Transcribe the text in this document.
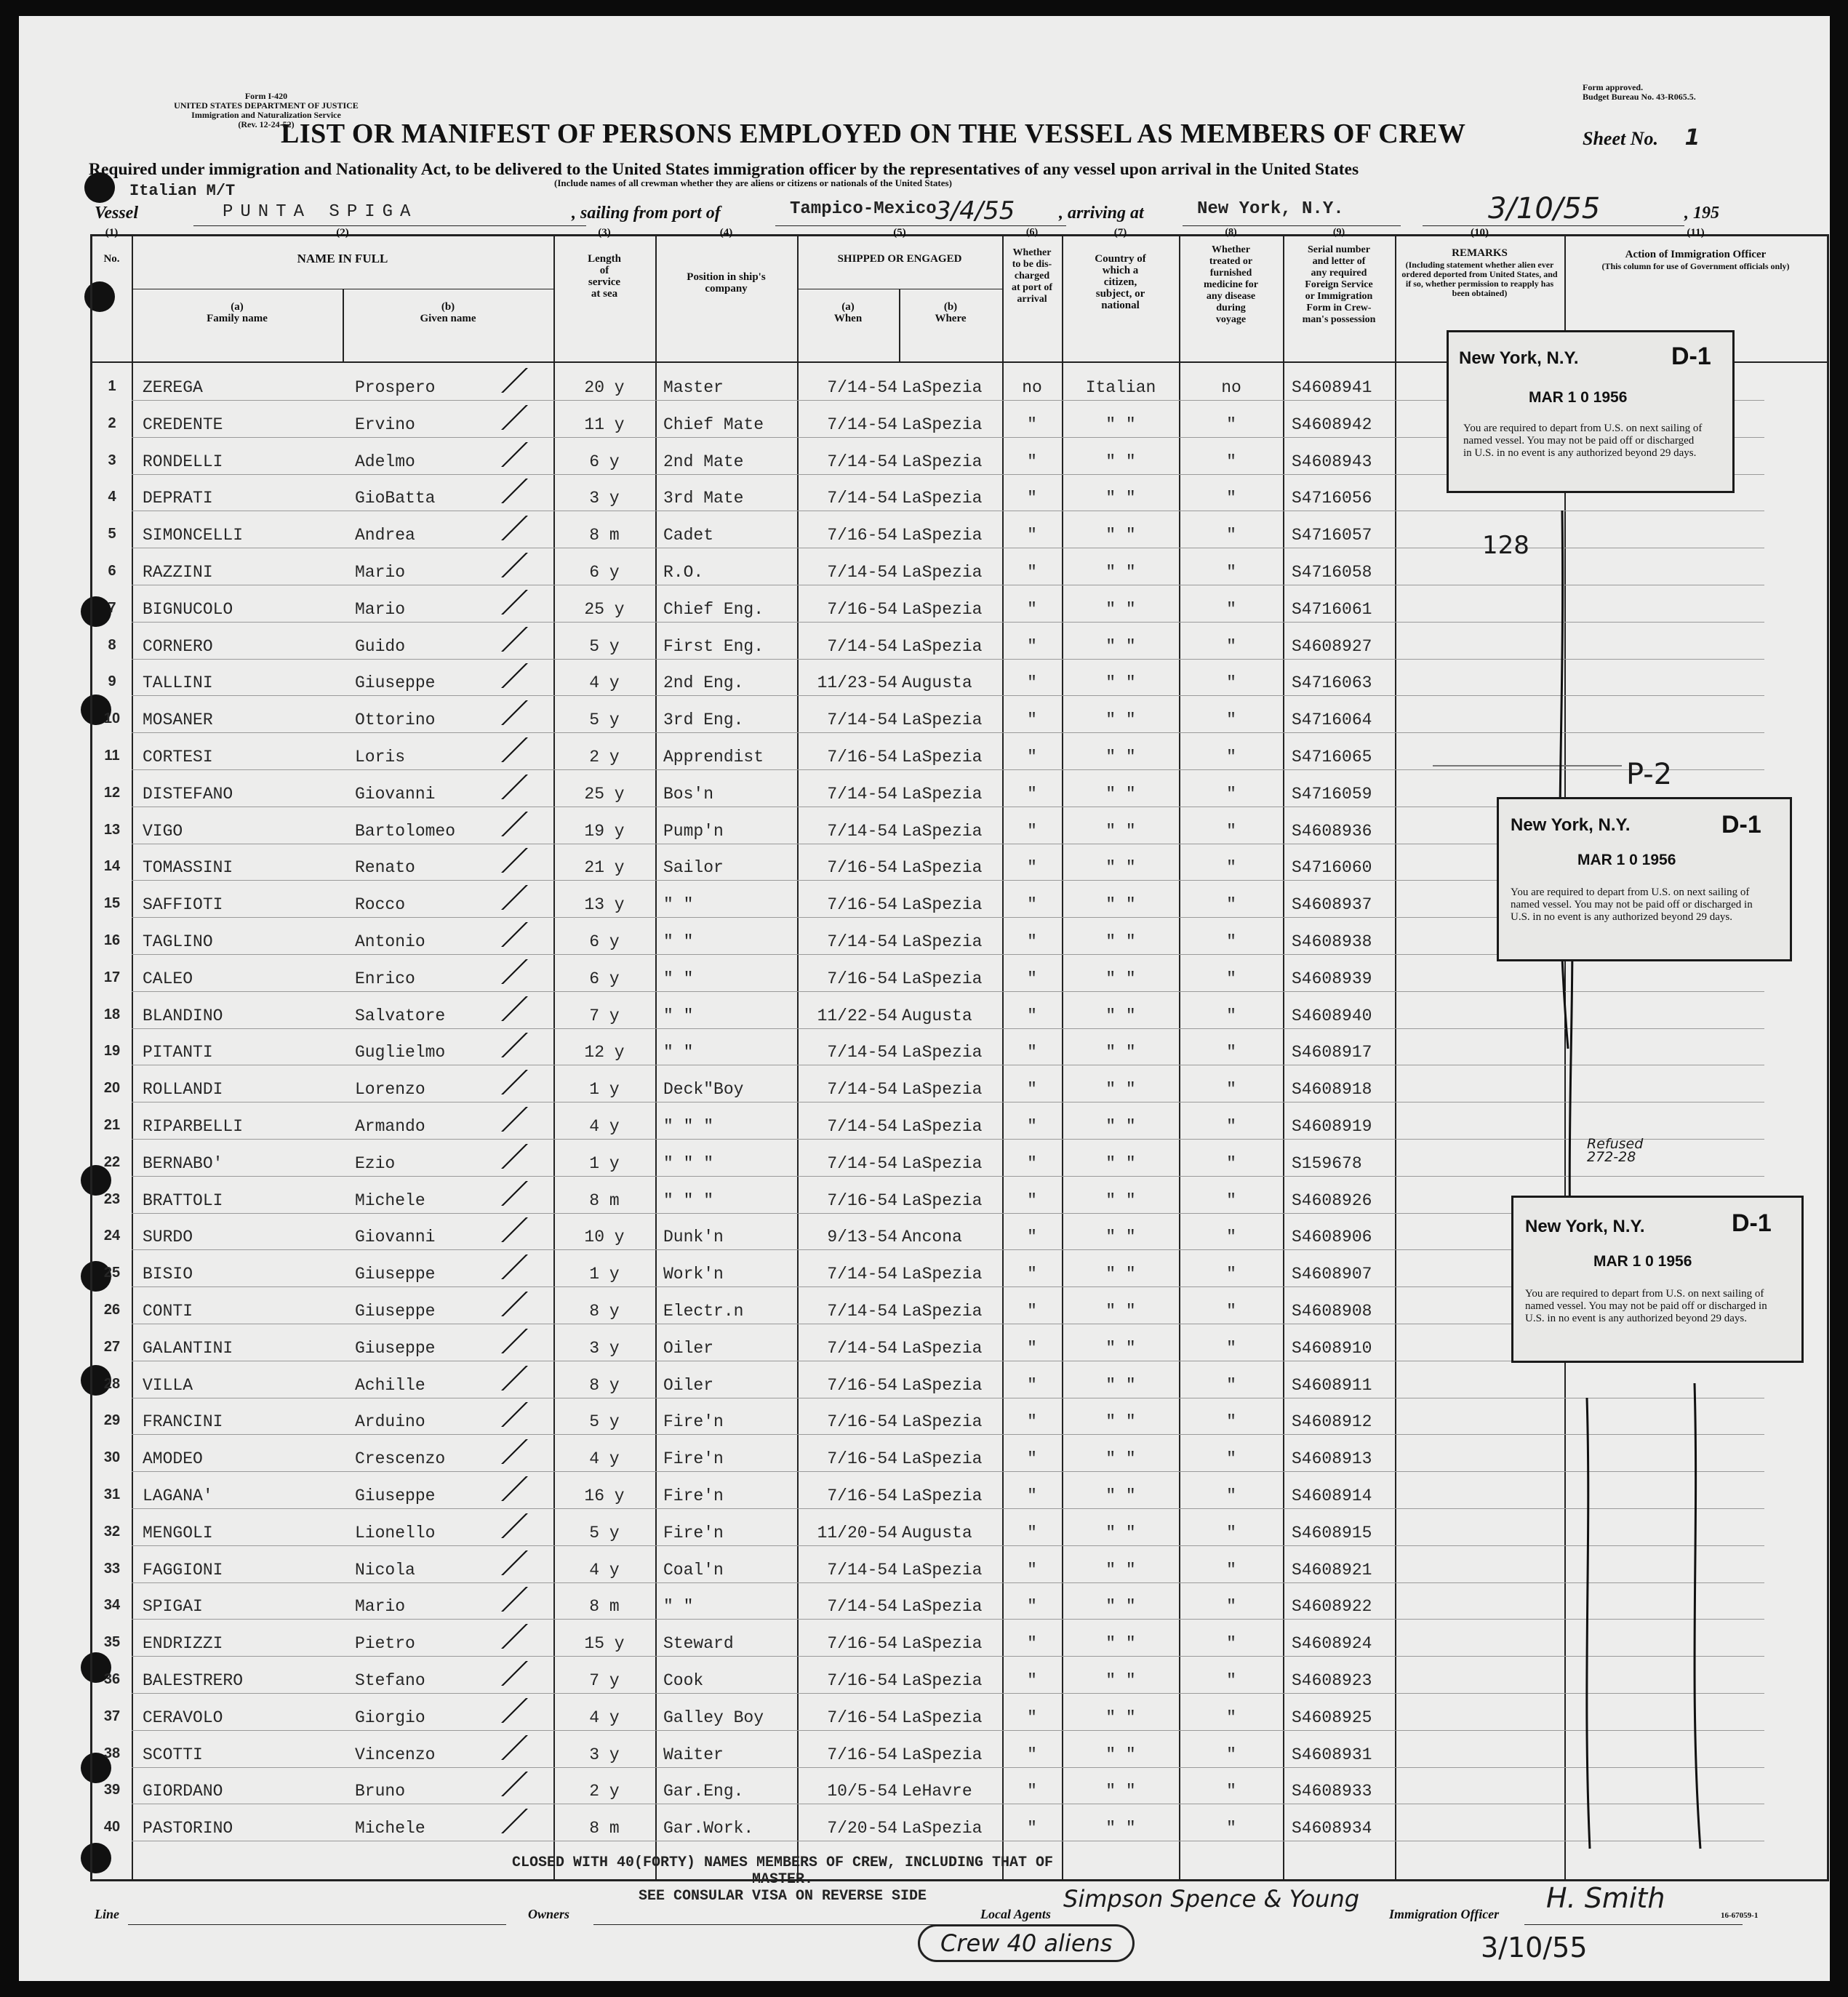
Form I-420
UNITED STATES DEPARTMENT OF JUSTICE
Immigration and Naturalization Service
(Rev. 12-24-52)
Form approved.
Budget Bureau No. 43-R065.5.
LIST OR MANIFEST OF PERSONS EMPLOYED ON THE VESSEL AS MEMBERS OF CREW	Sheet No. 1
Required under immigration and Nationality Act, to be delivered to the United States immigration officer by the representatives of any vessel upon arrival in the United States
Italian M/T	(Include names of all crewman whether they are aliens or citizens or nationals of the United States)
Vessel	PUNTA SPIGA	, sailing from port of	Tampico-Mexico
3/4/55	, arriving at	New York, N.Y.	3/10/55	, 195
(1)
No.
(2)
NAME IN FULL
(a)
Family name
(b)
Given name
(3)
Length
of
service
at sea
(4)
Position in ship's
company
(5)
SHIPPED OR ENGAGED
(a)
When
(b)
Where
(6)
Whether
to be dis-
charged
at port of
arrival
(7)
Country of
which a
citizen,
subject, or
national
(8)
Whether
treated or
furnished
medicine for
any disease
during
voyage
(9)
Serial number
and letter of
any required
Foreign Service
or Immigration
Form in Crew-
man's possession
(10)
REMARKS
(Including statement whether alien ever ordered deported from United States, and if so, whether permission to reapply has been obtained)
(11)
Action of Immigration Officer
(This column for use of Government officials only)
1	ZEREGA	Prospero	20 y	Master	7/14-54 LaSpezia	no	Italian	no	S4608941
2	CREDENTE	Ervino	11 y	Chief Mate	7/14-54 LaSpezia	"	" "	"	S4608942
3	RONDELLI	Adelmo	6 y	2nd Mate	7/14-54 LaSpezia	"	" "	"	S4608943
4	DEPRATI	GioBatta	3 y	3rd Mate	7/14-54 LaSpezia	"	" "	"	S4716056
5	SIMONCELLI	Andrea	8 m	Cadet	7/16-54 LaSpezia	"	" "	"	S4716057
6	RAZZINI	Mario	6 y	R.O.	7/14-54 LaSpezia	"	" "	"	S4716058
7	BIGNUCOLO	Mario	25 y	Chief Eng.	7/16-54 LaSpezia	"	" "	"	S4716061
8	CORNERO	Guido	5 y	First Eng.	7/14-54 LaSpezia	"	" "	"	S4608927
9	TALLINI	Giuseppe	4 y	2nd Eng.	11/23-54 Augusta	"	" "	"	S4716063
10	MOSANER	Ottorino	5 y	3rd Eng.	7/14-54 LaSpezia	"	" "	"	S4716064
11	CORTESI	Loris	2 y	Apprendist	7/16-54 LaSpezia	"	" "	"	S4716065
12	DISTEFANO	Giovanni	25 y	Bos'n	7/14-54 LaSpezia	"	" "	"	S4716059
13	VIGO	Bartolomeo	19 y	Pump'n	7/14-54 LaSpezia	"	" "	"	S4608936
14	TOMASSINI	Renato	21 y	Sailor	7/16-54 LaSpezia	"	" "	"	S4716060
15	SAFFIOTI	Rocco	13 y	" "	7/16-54 LaSpezia	"	" "	"	S4608937
16	TAGLINO	Antonio	6 y	" "	7/14-54 LaSpezia	"	" "	"	S4608938
17	CALEO	Enrico	6 y	" "	7/16-54 LaSpezia	"	" "	"	S4608939
18	BLANDINO	Salvatore	7 y	" "	11/22-54 Augusta	"	" "	"	S4608940
19	PITANTI	Guglielmo	12 y	" "	7/14-54 LaSpezia	"	" "	"	S4608917
20	ROLLANDI	Lorenzo	1 y	Deck"Boy	7/14-54 LaSpezia	"	" "	"	S4608918
21	RIPARBELLI	Armando	4 y	" " "	7/14-54 LaSpezia	"	" "	"	S4608919
22	BERNABO'	Ezio	1 y	" " "	7/14-54 LaSpezia	"	" "	"	S159678
23	BRATTOLI	Michele	8 m	" " "	7/16-54 LaSpezia	"	" "	"	S4608926
24	SURDO	Giovanni	10 y	Dunk'n	9/13-54 Ancona	"	" "	"	S4608906
25	BISIO	Giuseppe	1 y	Work'n	7/14-54 LaSpezia	"	" "	"	S4608907
26	CONTI	Giuseppe	8 y	Electr.n	7/14-54 LaSpezia	"	" "	"	S4608908
27	GALANTINI	Giuseppe	3 y	Oiler	7/14-54 LaSpezia	"	" "	"	S4608910
28	VILLA	Achille	8 y	Oiler	7/16-54 LaSpezia	"	" "	"	S4608911
29	FRANCINI	Arduino	5 y	Fire'n	7/16-54 LaSpezia	"	" "	"	S4608912
30	AMODEO	Crescenzo	4 y	Fire'n	7/16-54 LaSpezia	"	" "	"	S4608913
31	LAGANA'	Giuseppe	16 y	Fire'n	7/16-54 LaSpezia	"	" "	"	S4608914
32	MENGOLI	Lionello	5 y	Fire'n	11/20-54 Augusta	"	" "	"	S4608915
33	FAGGIONI	Nicola	4 y	Coal'n	7/14-54 LaSpezia	"	" "	"	S4608921
34	SPIGAI	Mario	8 m	" "	7/14-54 LaSpezia	"	" "	"	S4608922
35	ENDRIZZI	Pietro	15 y	Steward	7/16-54 LaSpezia	"	" "	"	S4608924
36	BALESTRERO	Stefano	7 y	Cook	7/16-54 LaSpezia	"	" "	"	S4608923
37	CERAVOLO	Giorgio	4 y	Galley Boy	7/16-54 LaSpezia	"	" "	"	S4608925
38	SCOTTI	Vincenzo	3 y	Waiter	7/16-54 LaSpezia	"	" "	"	S4608931
39	GIORDANO	Bruno	2 y	Gar.Eng.	10/5-54 LeHavre	"	" "	"	S4608933
40	PASTORINO	Michele	8 m	Gar.Work.	7/20-54 LaSpezia	"	" "	"	S4608934
128
P-2
Refused
272-28
New York, N.Y.	D-1
MAR 1 0 1956
You are required to depart from U.S. on next sailing of named vessel. You may not be paid off or discharged in U.S. in no event is any authorized beyond 29 days.
New York, N.Y.	D-1
MAR 1 0 1956
You are required to depart from U.S. on next sailing of named vessel. You may not be paid off or discharged in U.S. in no event is any authorized beyond 29 days.
New York, N.Y.	D-1
MAR 1 0 1956
You are required to depart from U.S. on next sailing of named vessel. You may not be paid off or discharged in U.S. in no event is any authorized beyond 29 days.
CLOSED WITH 40(FORTY) NAMES MEMBERS OF CREW, INCLUDING THAT OF MASTER.
SEE CONSULAR VISA ON REVERSE SIDE
Line	Owners	Local Agents
Simpson Spence & Young
Immigration Officer H. Smith
3/10/55
Crew 40 aliens
16-67059-1
